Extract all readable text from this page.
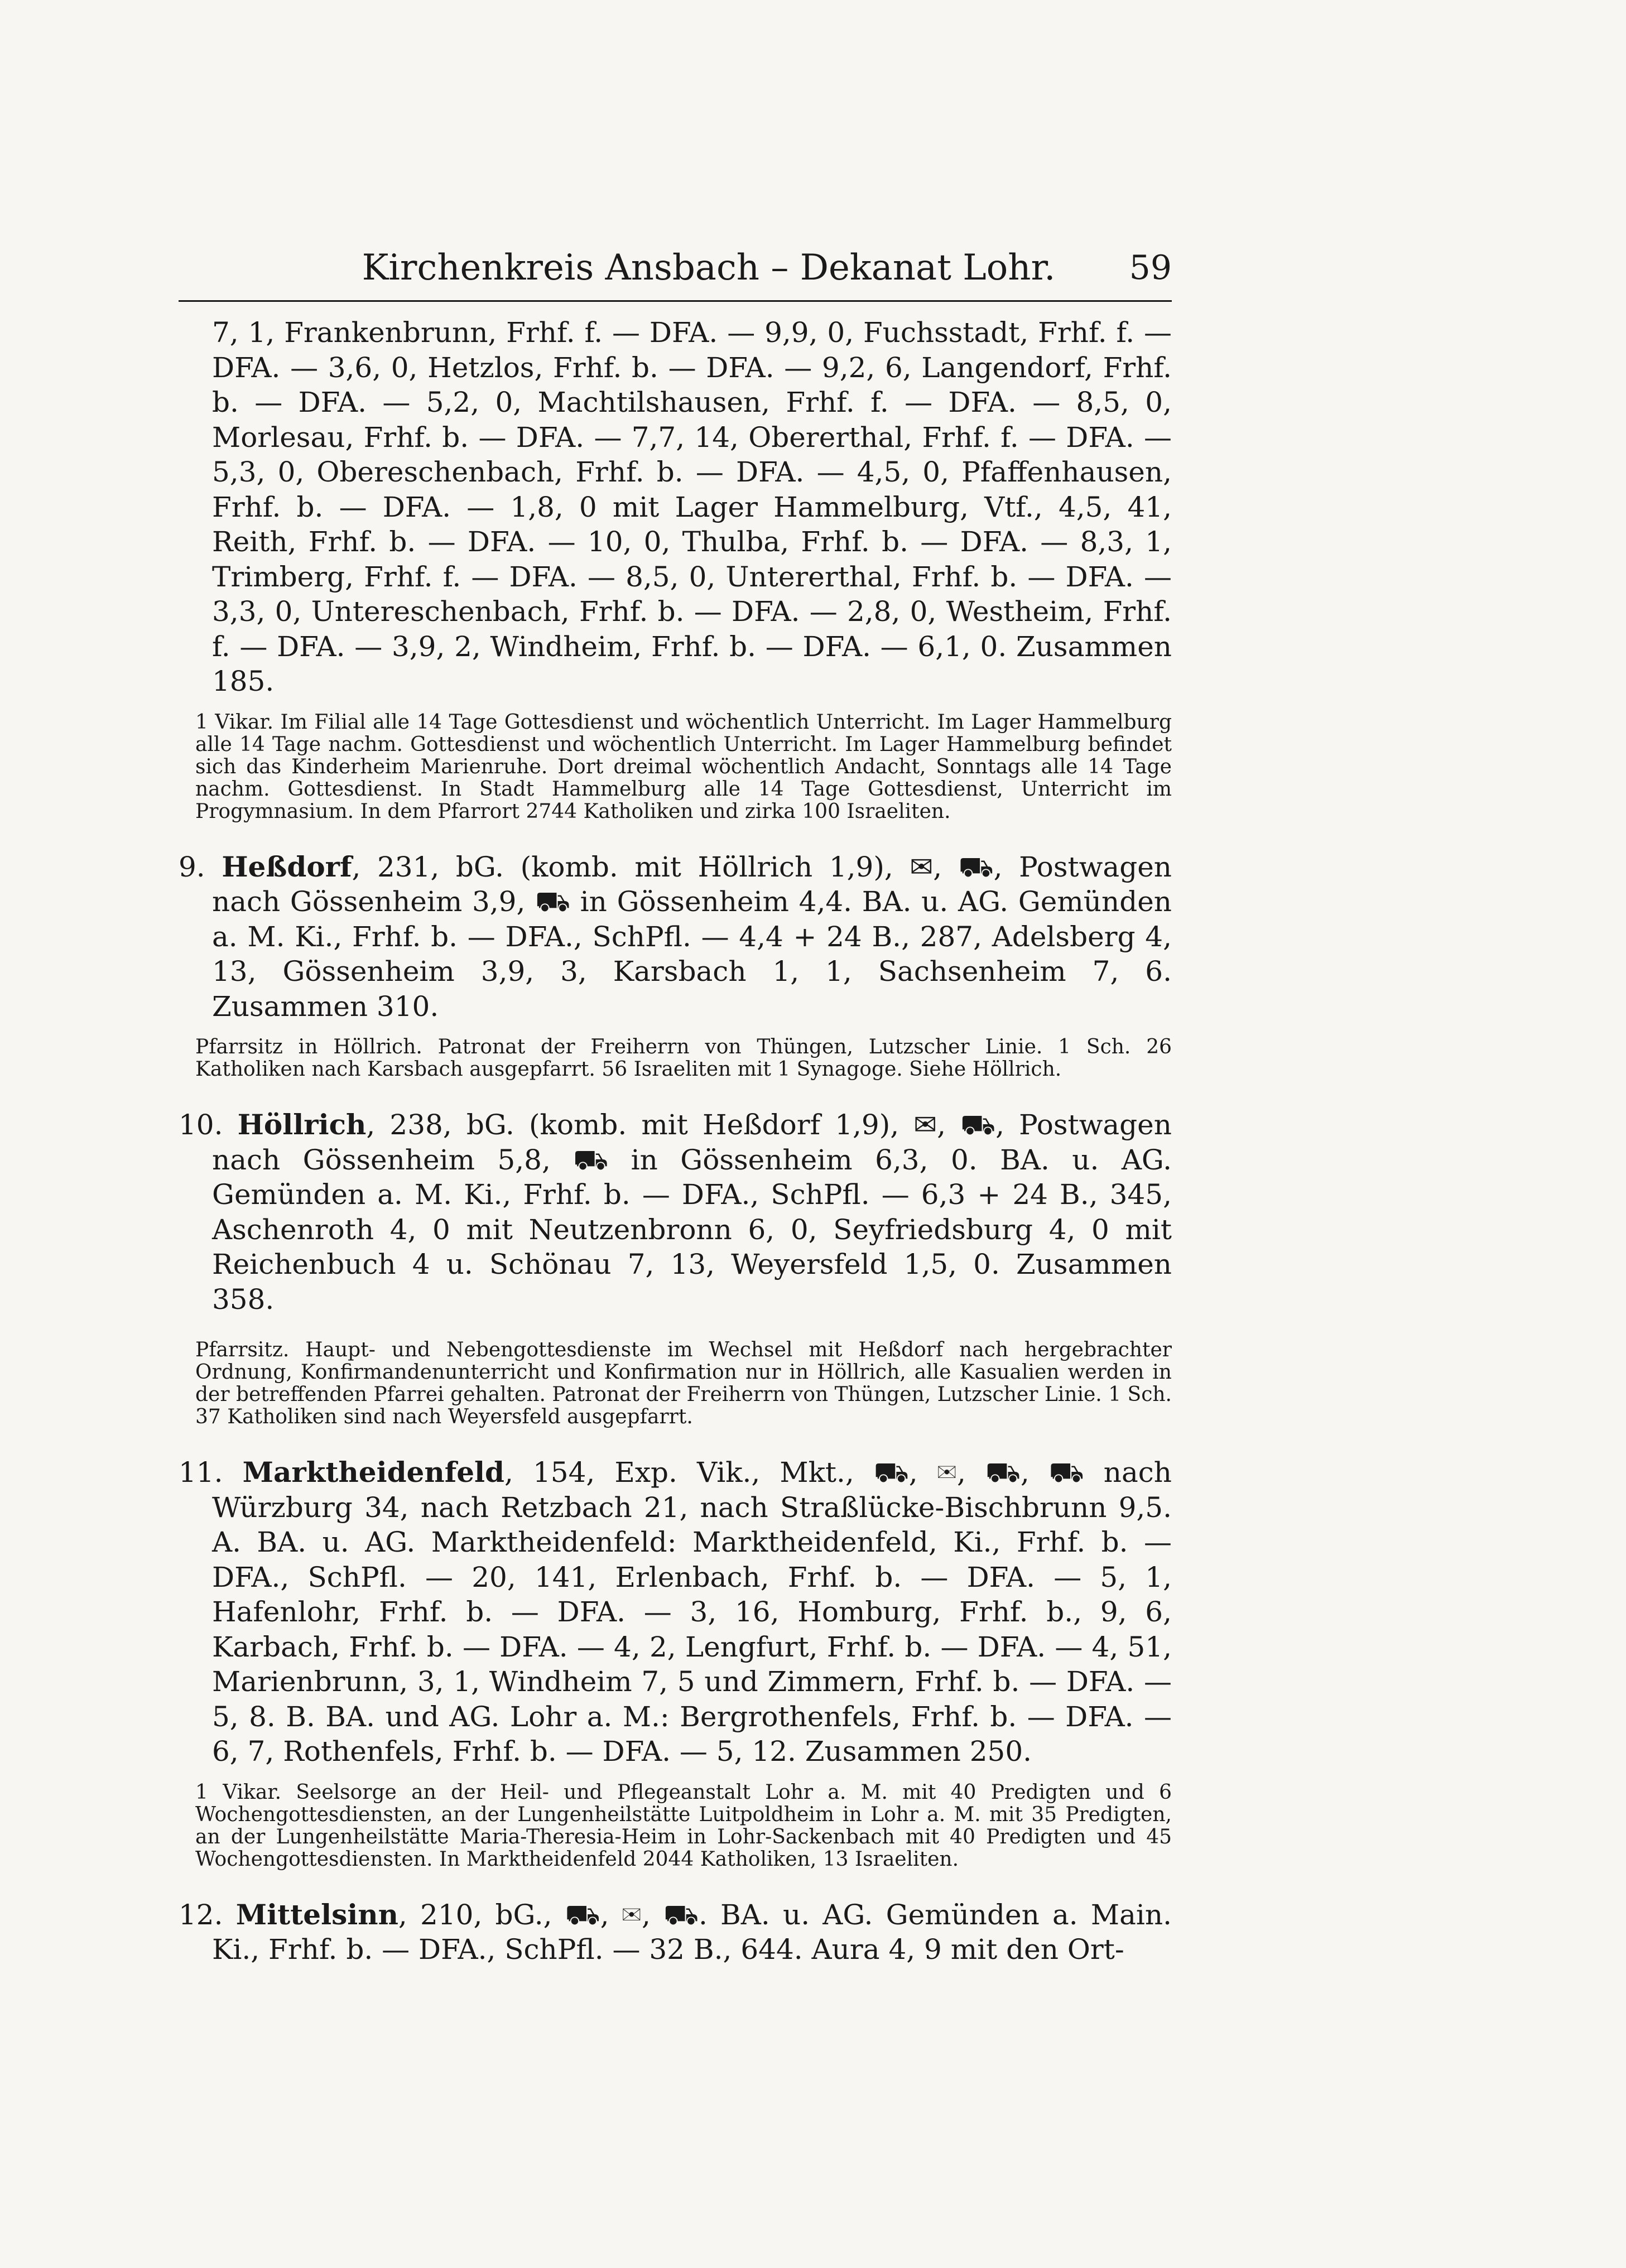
Kirchenkreis Ansbach – Dekanat Lohr.	59

7, 1, Frankenbrunn, Frhf. f. — DFA. — 9,9, 0, Fuchsstadt, Frhf. f. — DFA. — 3,6, 0, Hetzlos, Frhf. b. — DFA. — 9,2, 6, Langendorf, Frhf. b. — DFA. — 5,2, 0, Machtilshausen, Frhf. f. — DFA. — 8,5, 0, Morlesau, Frhf. b. — DFA. — 7,7, 14, Obererthal, Frhf. f. — DFA. — 5,3, 0, Obereschenbach, Frhf. b. — DFA. — 4,5, 0, Pfaffenhausen, Frhf. b. — DFA. — 1,8, 0 mit Lager Hammelburg, Vtf., 4,5, 41, Reith, Frhf. b. — DFA. — 10, 0, Thulba, Frhf. b. — DFA. — 8,3, 1, Trimberg, Frhf. f. — DFA. — 8,5, 0, Untererthal, Frhf. b. — DFA. — 3,3, 0, Untereschenbach, Frhf. b. — DFA. — 2,8, 0, Westheim, Frhf. f. — DFA. — 3,9, 2, Windheim, Frhf. b. — DFA. — 6,1, 0. Zusammen 185.

1 Vikar. Im Filial alle 14 Tage Gottesdienst und wöchentlich Unterricht. Im Lager Hammelburg alle 14 Tage nachm. Gottesdienst und wöchentlich Unterricht. Im Lager Hammelburg befindet sich das Kinderheim Marienruhe. Dort dreimal wöchentlich Andacht, Sonntags alle 14 Tage nachm. Gottesdienst. In Stadt Hammelburg alle 14 Tage Gottesdienst, Unterricht im Progymnasium. In dem Pfarrort 2744 Katholiken und zirka 100 Israeliten.

9. Heßdorf, 231, bG. (komb. mit Höllrich 1,9), ✉, ⛟, Postwagen nach Gössenheim 3,9, ⛟ in Gössenheim 4,4. BA. u. AG. Gemünden a. M. Ki., Frhf. b. — DFA., SchPfl. — 4,4 + 24 B., 287, Adelsberg 4, 13, Gössenheim 3,9, 3, Karsbach 1, 1, Sachsenheim 7, 6. Zusammen 310.

Pfarrsitz in Höllrich. Patronat der Freiherrn von Thüngen, Lutzscher Linie. 1 Sch. 26 Katholiken nach Karsbach ausgepfarrt. 56 Israeliten mit 1 Synagoge. Siehe Höllrich.

10. Höllrich, 238, bG. (komb. mit Heßdorf 1,9), ✉, ⛟, Postwagen nach Gössenheim 5,8, ⛟ in Gössenheim 6,3, 0. BA. u. AG. Gemünden a. M. Ki., Frhf. b. — DFA., SchPfl. — 6,3 + 24 B., 345, Aschenroth 4, 0 mit Neutzenbronn 6, 0, Seyfriedsburg 4, 0 mit Reichenbuch 4 u. Schönau 7, 13, Weyersfeld 1,5, 0. Zusammen 358.

Pfarrsitz. Haupt- und Nebengottesdienste im Wechsel mit Heßdorf nach hergebrachter Ordnung, Konfirmandenunterricht und Konfirmation nur in Höllrich, alle Kasualien werden in der betreffenden Pfarrei gehalten. Patronat der Freiherrn von Thüngen, Lutzscher Linie. 1 Sch. 37 Katholiken sind nach Weyersfeld ausgepfarrt.

11. Marktheidenfeld, 154, Exp. Vik., Mkt., ⛟, ✉, ⛟, ⛟ nach Würzburg 34, nach Retzbach 21, nach Straßlücke-Bischbrunn 9,5. A. BA. u. AG. Marktheidenfeld: Marktheidenfeld, Ki., Frhf. b. — DFA., SchPfl. — 20, 141, Erlenbach, Frhf. b. — DFA. — 5, 1, Hafenlohr, Frhf. b. — DFA. — 3, 16, Homburg, Frhf. b., 9, 6, Karbach, Frhf. b. — DFA. — 4, 2, Lengfurt, Frhf. b. — DFA. — 4, 51, Marienbrunn, 3, 1, Windheim 7, 5 und Zimmern, Frhf. b. — DFA. — 5, 8. B. BA. und AG. Lohr a. M.: Bergrothenfels, Frhf. b. — DFA. — 6, 7, Rothenfels, Frhf. b. — DFA. — 5, 12. Zusammen 250.

1 Vikar. Seelsorge an der Heil- und Pflegeanstalt Lohr a. M. mit 40 Predigten und 6 Wochengottesdiensten, an der Lungenheilstätte Luitpoldheim in Lohr a. M. mit 35 Predigten, an der Lungenheilstätte Maria-Theresia-Heim in Lohr-Sackenbach mit 40 Predigten und 45 Wochengottesdiensten. In Marktheidenfeld 2044 Katholiken, 13 Israeliten.

12. Mittelsinn, 210, bG., ⛟, ✉, ⛟. BA. u. AG. Gemünden a. Main. Ki., Frhf. b. — DFA., SchPfl. — 32 B., 644. Aura 4, 9 mit den Ort-
